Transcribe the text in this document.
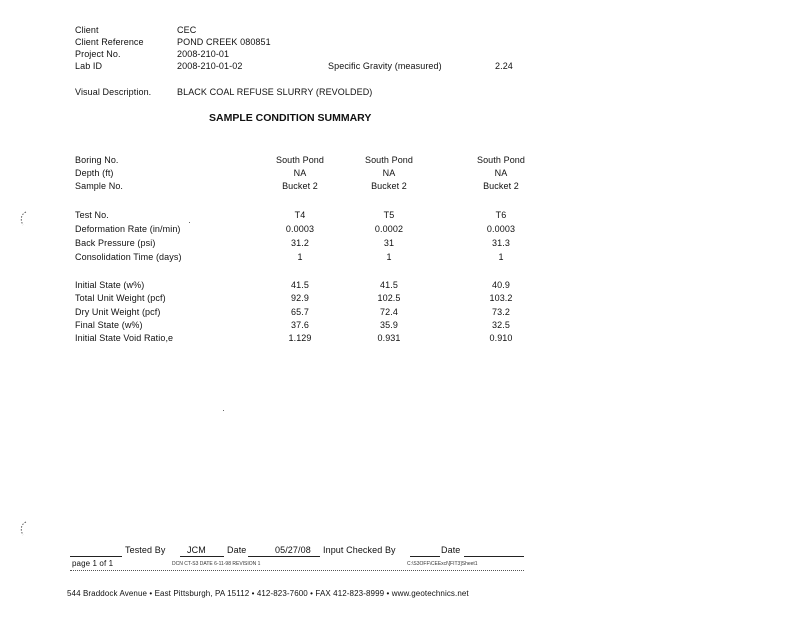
Client	CEC
Client Reference	POND CREEK 080851
Project No.	2008-210-01
Lab ID	2008-210-01-02	Specific Gravity (measured)	2.24
Visual Description.	BLACK COAL REFUSE SLURRY (REVOLDED)
SAMPLE CONDITION SUMMARY
Boring No.	South Pond	South Pond	South Pond
Depth (ft)	NA	NA	NA
Sample No.	Bucket 2	Bucket 2	Bucket 2
Test No.	T4	T5	T6
Deformation Rate (in/min)	0.0003	0.0002	0.0003
Back Pressure (psi)	31.2	31	31.3
Consolidation Time (days)	1	1	1
Initial State (w%)	41.5	41.5	40.9
Total Unit Weight (pcf)	92.9	102.5	103.2
Dry Unit Weight (pcf)	65.7	72.4	73.2
Final State (w%)	37.6	35.9	32.5
Initial State Void Ratio,e	1.129	0.931	0.910
Tested By JCM Date	05/27/08 Input Checked By	Date
page 1 of 1	DCN CT-S3 DATE 6-11-98 REVISION 1	C:\S3OFF\CEExcl\[FIT3]Sheet1
544 Braddock Avenue • East Pittsburgh, PA 15112 • 412-823-7600 • FAX 412-823-8999 • www.geotechnics.net
